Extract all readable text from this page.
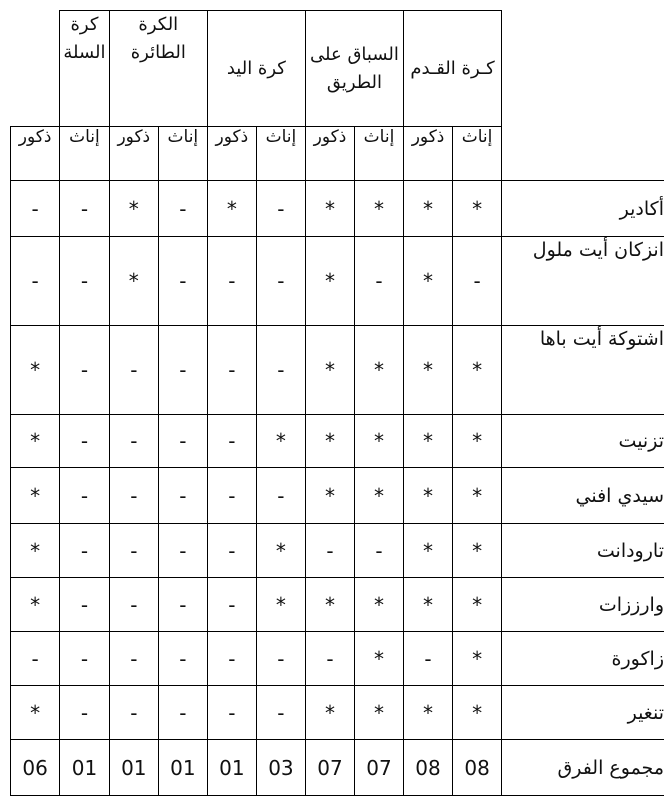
	كـرة القـدم		السباق على الطريق		كرة اليد		الكرة الطائرة		كرة السلة	
	إناث	ذكور	إناث	ذكور	إناث	ذكور	إناث	ذكور	إناث	ذكور
أكادير	*	*	*	*	-	*	-	*	-	-
انزكان أيت ملول	-	*	-	*	-	-	-	*	-	-
اشتوكة أيت باها	*	*	*	*	-	-	-	-	-	*
تزنيت	*	*	*	*	*	-	-	-	-	*
سيدي افني	*	*	*	*	-	-	-	-	-	*
تارودانت	*	*	-	-	*	-	-	-	-	*
وارززات	*	*	*	*	*	-	-	-	-	*
زاكورة	*	-	*	-	-	-	-	-	-	-
تنغير	*	*	*	*	-	-	-	-	-	*
مجموع الفرق	08	08	07	07	03	01	01	01	01	06
